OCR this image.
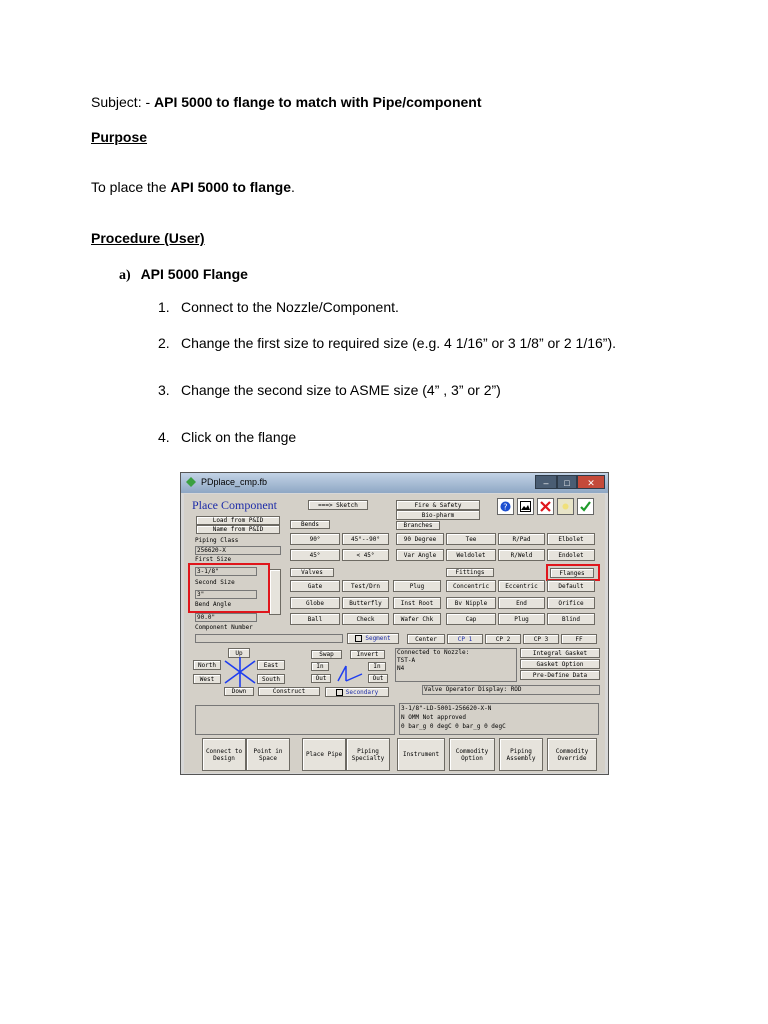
Subject: - API 5000 to flange to match with Pipe/component
Purpose
To place the API 5000 to flange.
Procedure (User)
a) API 5000 Flange
1. Connect to the Nozzle/Component.
2. Change the first size to required size (e.g. 4 1/16” or 3 1/8” or 2 1/16”).
3. Change the second size to ASME size (4” , 3” or 2”)
4. Click on the flange
PDplace_cmp.fb	–	□	✕
Place Component	===> Sketch	Fire & Safety
Bio-pharm
?
Load from P&ID
Name from P&ID
Piping Class
256620-X
First Size
3-1/8"
Second Size
3"
Bend Angle
90.0"
Component Number
Bends
90°	45°--90°
45°	< 45°
Branches
90 Degree	Tee	R/Pad	Elbolet
Var Angle	Weldolet	R/Weld	Endolet
Valves
Gate	Test/Drn	Plug
Globe	Butterfly	Inst Root
Ball	Check	Wafer Chk
Fittings
Concentric	Eccentric
Bv Nipple	End
Cap	Plug
Flanges
Default
Orifice
Blind
Segment	Center	CP 1	CP 2	CP 3	FF
Up
North	East
West	South
Down
Swap	Invert
In	In
Out	Out
Construct	Secondary
Connected to Nozzle:
TST-A
N4
Integral Gasket
Gasket Option
Pre-Define Data
Valve Operator Display: ROD
3-1/8"-LD-5001-256620-X-N
N OMM Not approved
0 bar_g 0 degC 0 bar_g 0 degC
Connect to Design
Point in Space	Place Pipe	Piping Specialty	Instrument	Commodity Option
Piping Assembly
Commodity Override
